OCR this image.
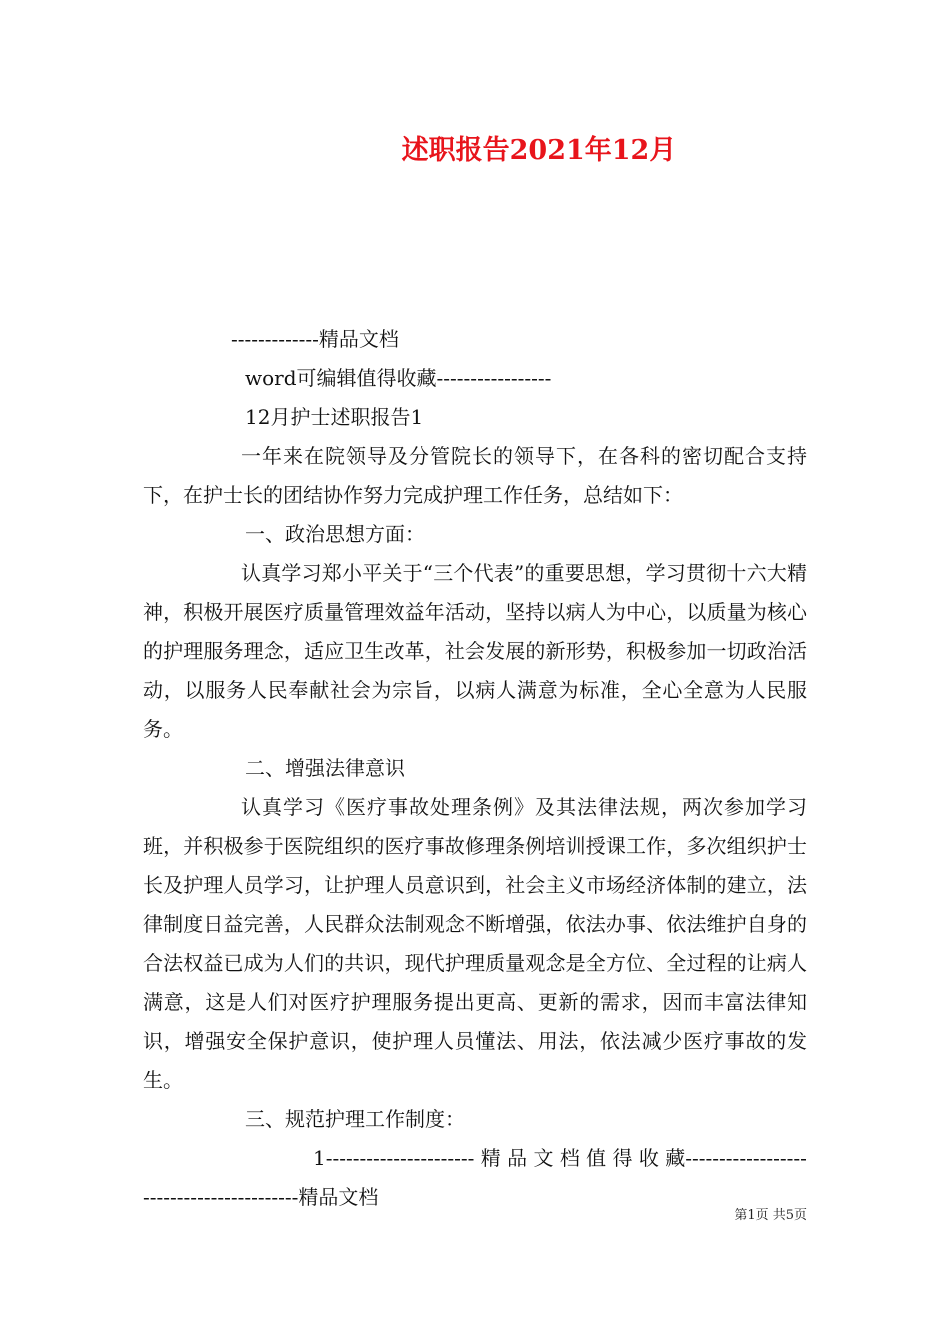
述职报告2021年12月
-------------精品文档
word可编辑值得收藏-----------------
12月护士述职报告1

一年来在院领导及分管院长的领导下，在各科的密切配合支持下，在护士长的团结协作努力完成护理工作任务，总结如下：

一、政治思想方面：

认真学习郑小平关于“三个代表”的重要思想，学习贯彻十六大精神，积极开展医疗质量管理效益年活动，坚持以病人为中心，以质量为核心的护理服务理念，适应卫生改革，社会发展的新形势，积极参加一切政治活动，以服务人民奉献社会为宗旨，以病人满意为标准，全心全意为人民服务。

二、增强法律意识

认真学习《医疗事故处理条例》及其法律法规，两次参加学习班，并积极参于医院组织的医疗事故修理条例培训授课工作，多次组织护士长及护理人员学习，让护理人员意识到，社会主义市场经济体制的建立，法律制度日益完善，人民群众法制观念不断增强，依法办事、依法维护自身的合法权益已成为人们的共识，现代护理质量观念是全方位、全过程的让病人满意，这是人们对医疗护理服务提出更高、更新的需求，因而丰富法律知识，增强安全保护意识，使护理人员懂法、用法，依法减少医疗事故的发生。

三、规范护理工作制度：

1---------------------- 精 品 文 档 值 得 收 藏-----------------------------------------精品文档

第1页 共5页
